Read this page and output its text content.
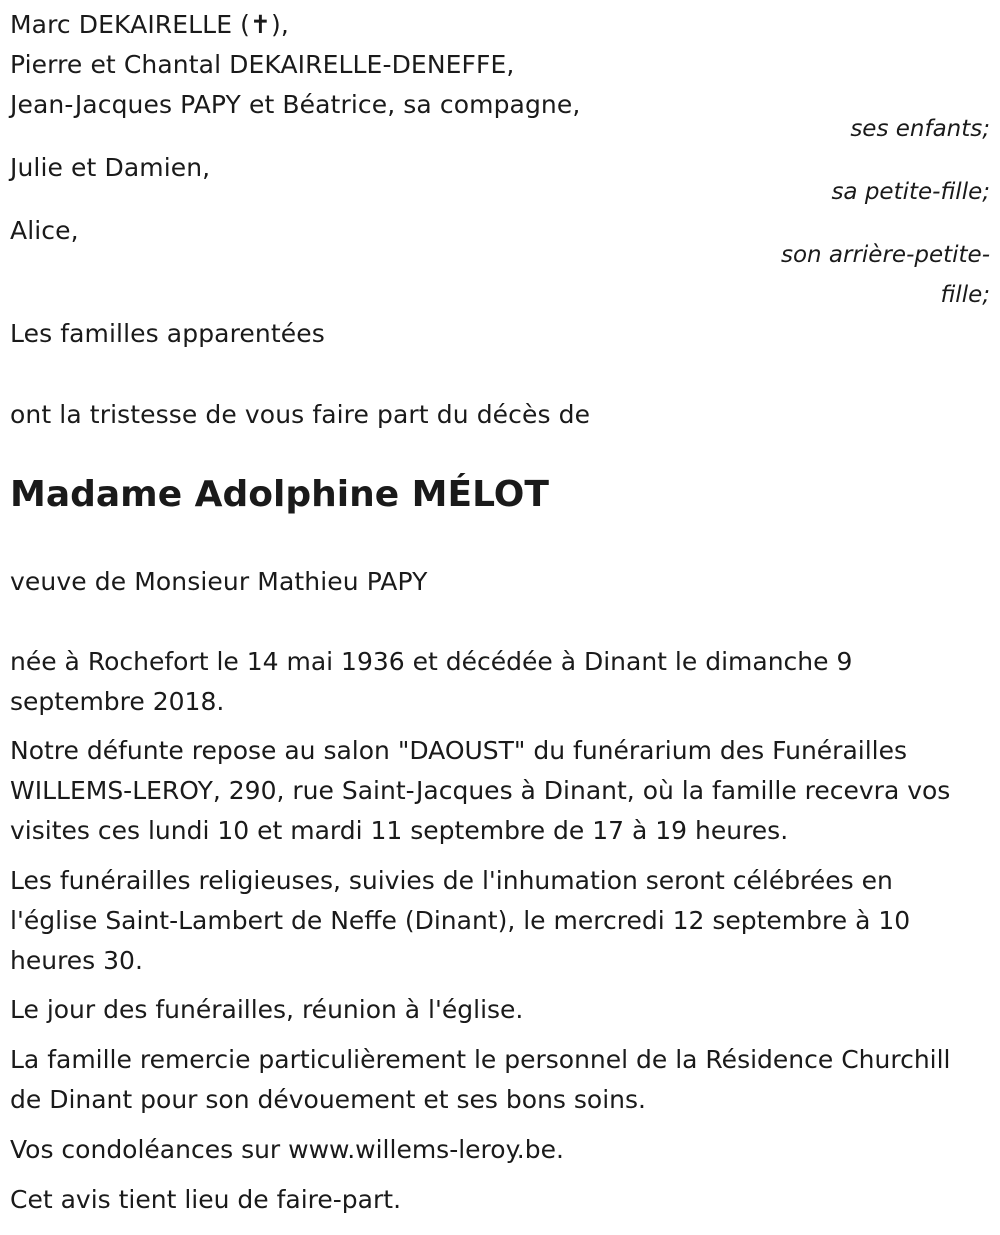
Marc DEKAIRELLE (✝),

Pierre et Chantal DEKAIRELLE-DENEFFE,

Jean-Jacques PAPY et Béatrice, sa compagne,

ses enfants;

Julie et Damien,

sa petite-fille;

Alice,

son arrière-petite-

fille;

Les familles apparentées

ont la tristesse de vous faire part du décès de

Madame Adolphine MÉLOT

veuve de Monsieur Mathieu PAPY

née à Rochefort le 14 mai 1936 et décédée à Dinant le dimanche 9 septembre 2018.

Notre défunte repose au salon "DAOUST" du funérarium des Funérailles WILLEMS-LEROY, 290, rue Saint-Jacques à Dinant, où la famille recevra vos visites ces lundi 10 et mardi 11 septembre de 17 à 19 heures.

Les funérailles religieuses, suivies de l'inhumation seront célébrées en l'église Saint-Lambert de Neffe (Dinant), le mercredi 12 septembre à 10 heures 30.

Le jour des funérailles, réunion à l'église.

La famille remercie particulièrement le personnel de la Résidence Churchill de Dinant pour son dévouement et ses bons soins.

Vos condoléances sur www.willems-leroy.be.

Cet avis tient lieu de faire-part.
